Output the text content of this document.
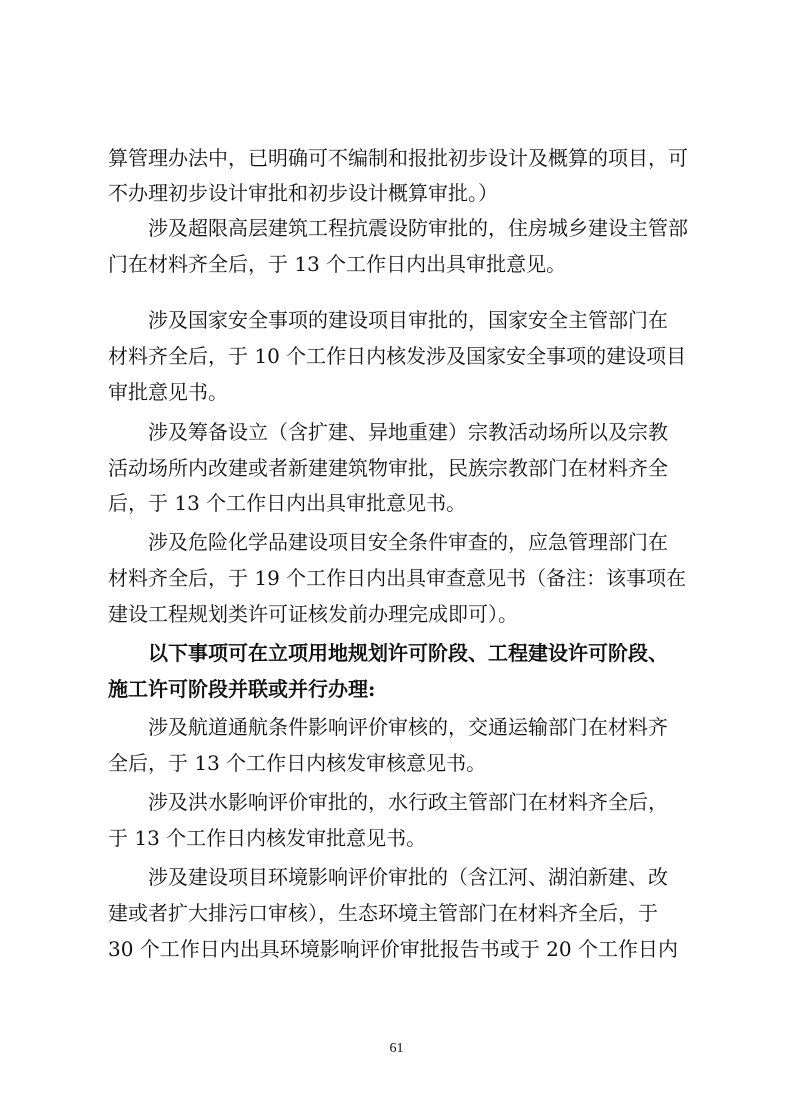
算管理办法中，已明确可不编制和报批初步设计及概算的项目，可
不办理初步设计审批和初步设计概算审批。）
涉及超限高层建筑工程抗震设防审批的，住房城乡建设主管部
门在材料齐全后，于 13 个工作日内出具审批意见。
涉及国家安全事项的建设项目审批的，国家安全主管部门在
材料齐全后，于 10 个工作日内核发涉及国家安全事项的建设项目
审批意见书。
涉及筹备设立（含扩建、异地重建）宗教活动场所以及宗教
活动场所内改建或者新建建筑物审批，民族宗教部门在材料齐全
后，于 13 个工作日内出具审批意见书。
涉及危险化学品建设项目安全条件审查的，应急管理部门在
材料齐全后，于 19 个工作日内出具审查意见书（备注：该事项在
建设工程规划类许可证核发前办理完成即可）。
以下事项可在立项用地规划许可阶段、工程建设许可阶段、
施工许可阶段并联或并行办理:
涉及航道通航条件影响评价审核的，交通运输部门在材料齐
全后，于 13 个工作日内核发审核意见书。
涉及洪水影响评价审批的，水行政主管部门在材料齐全后，
于 13 个工作日内核发审批意见书。
涉及建设项目环境影响评价审批的（含江河、湖泊新建、改
建或者扩大排污口审核），生态环境主管部门在材料齐全后，于
30 个工作日内出具环境影响评价审批报告书或于 20 个工作日内
61
